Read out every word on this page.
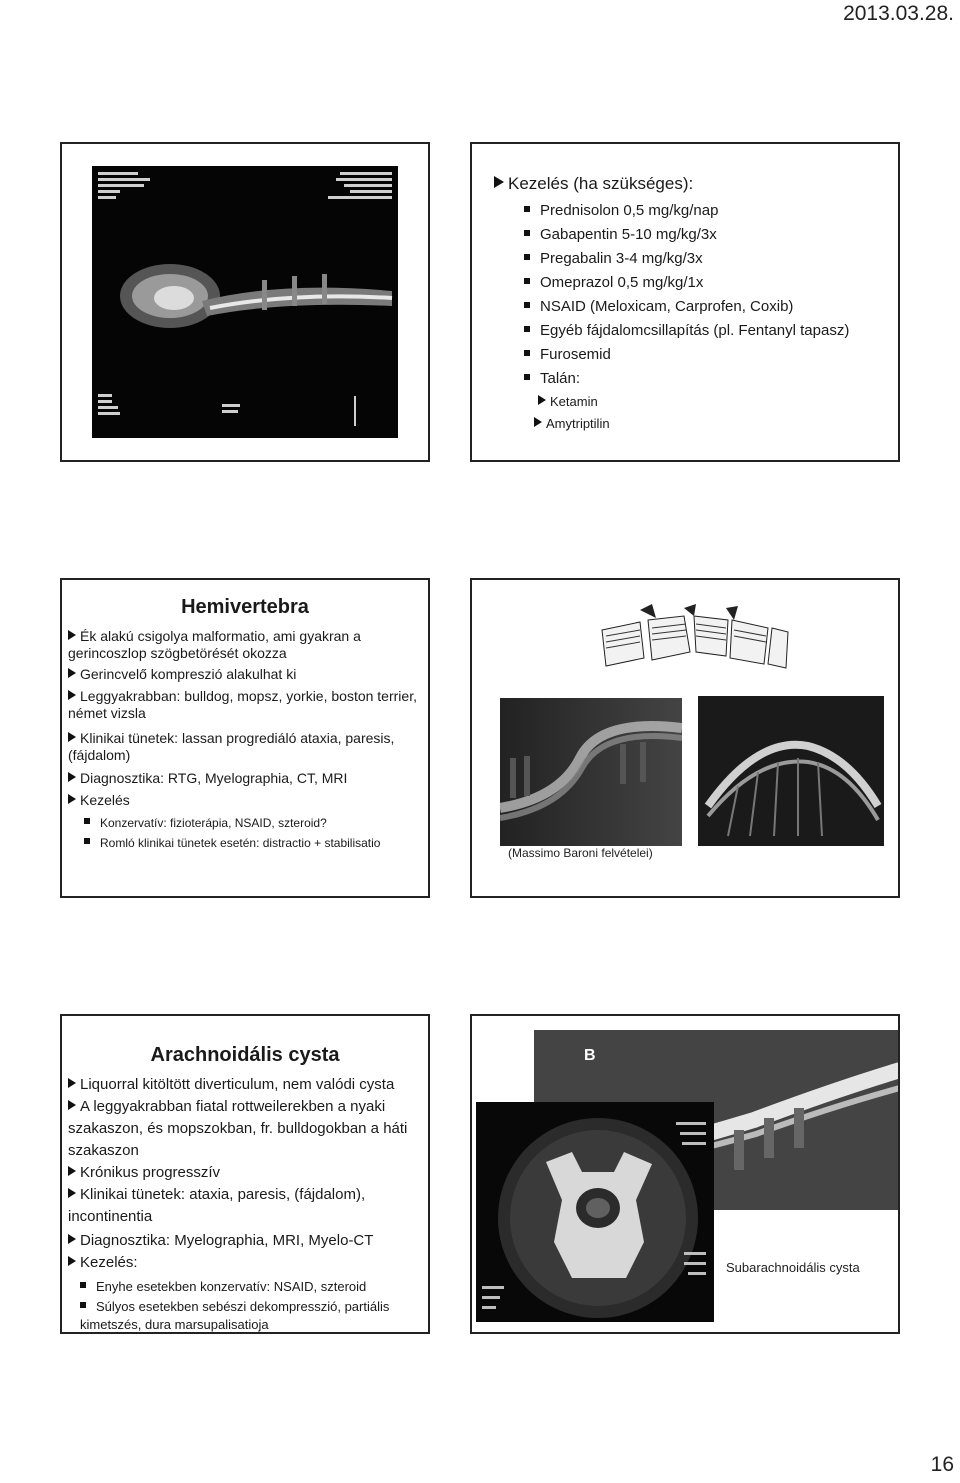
2013.03.28.
Kezelés (ha szükséges):
Prednisolon 0,5 mg/kg/nap
Gabapentin 5-10 mg/kg/3x
Pregabalin 3-4 mg/kg/3x
Omeprazol 0,5 mg/kg/1x
NSAID (Meloxicam, Carprofen, Coxib)
Egyéb fájdalomcsillapítás (pl. Fentanyl tapasz)
Furosemid
Talán:
Ketamin
Amytriptilin
Hemivertebra
Ék alakú csigolya malformatio, ami gyakran a gerincoszlop szögbetörését okozza
Gerincvelő kompreszió alakulhat ki
Leggyakrabban: bulldog, mopsz, yorkie, boston terrier, német vizsla
Klinikai tünetek: lassan progrediáló ataxia, paresis, (fájdalom)
Diagnosztika: RTG, Myelographia, CT, MRI
Kezelés
Konzervatív: fizioterápia, NSAID, szteroid?
Romló klinikai tünetek esetén: distractio + stabilisatio
(Massimo Baroni felvételei)
Arachnoidális cysta
Liquorral kitöltött diverticulum, nem valódi cysta
A leggyakrabban fiatal rottweilerekben a nyaki szakaszon, és mopszokban, fr. bulldogokban a háti szakaszon
Krónikus progresszív
Klinikai tünetek: ataxia, paresis, (fájdalom), incontinentia
Diagnosztika: Myelographia, MRI, Myelo-CT
Kezelés:
Enyhe esetekben konzervatív: NSAID, szteroid
Súlyos esetekben sebészi dekompresszió, partiális kimetszés, dura marsupalisatioja
B
Subarachnoidális cysta
16
